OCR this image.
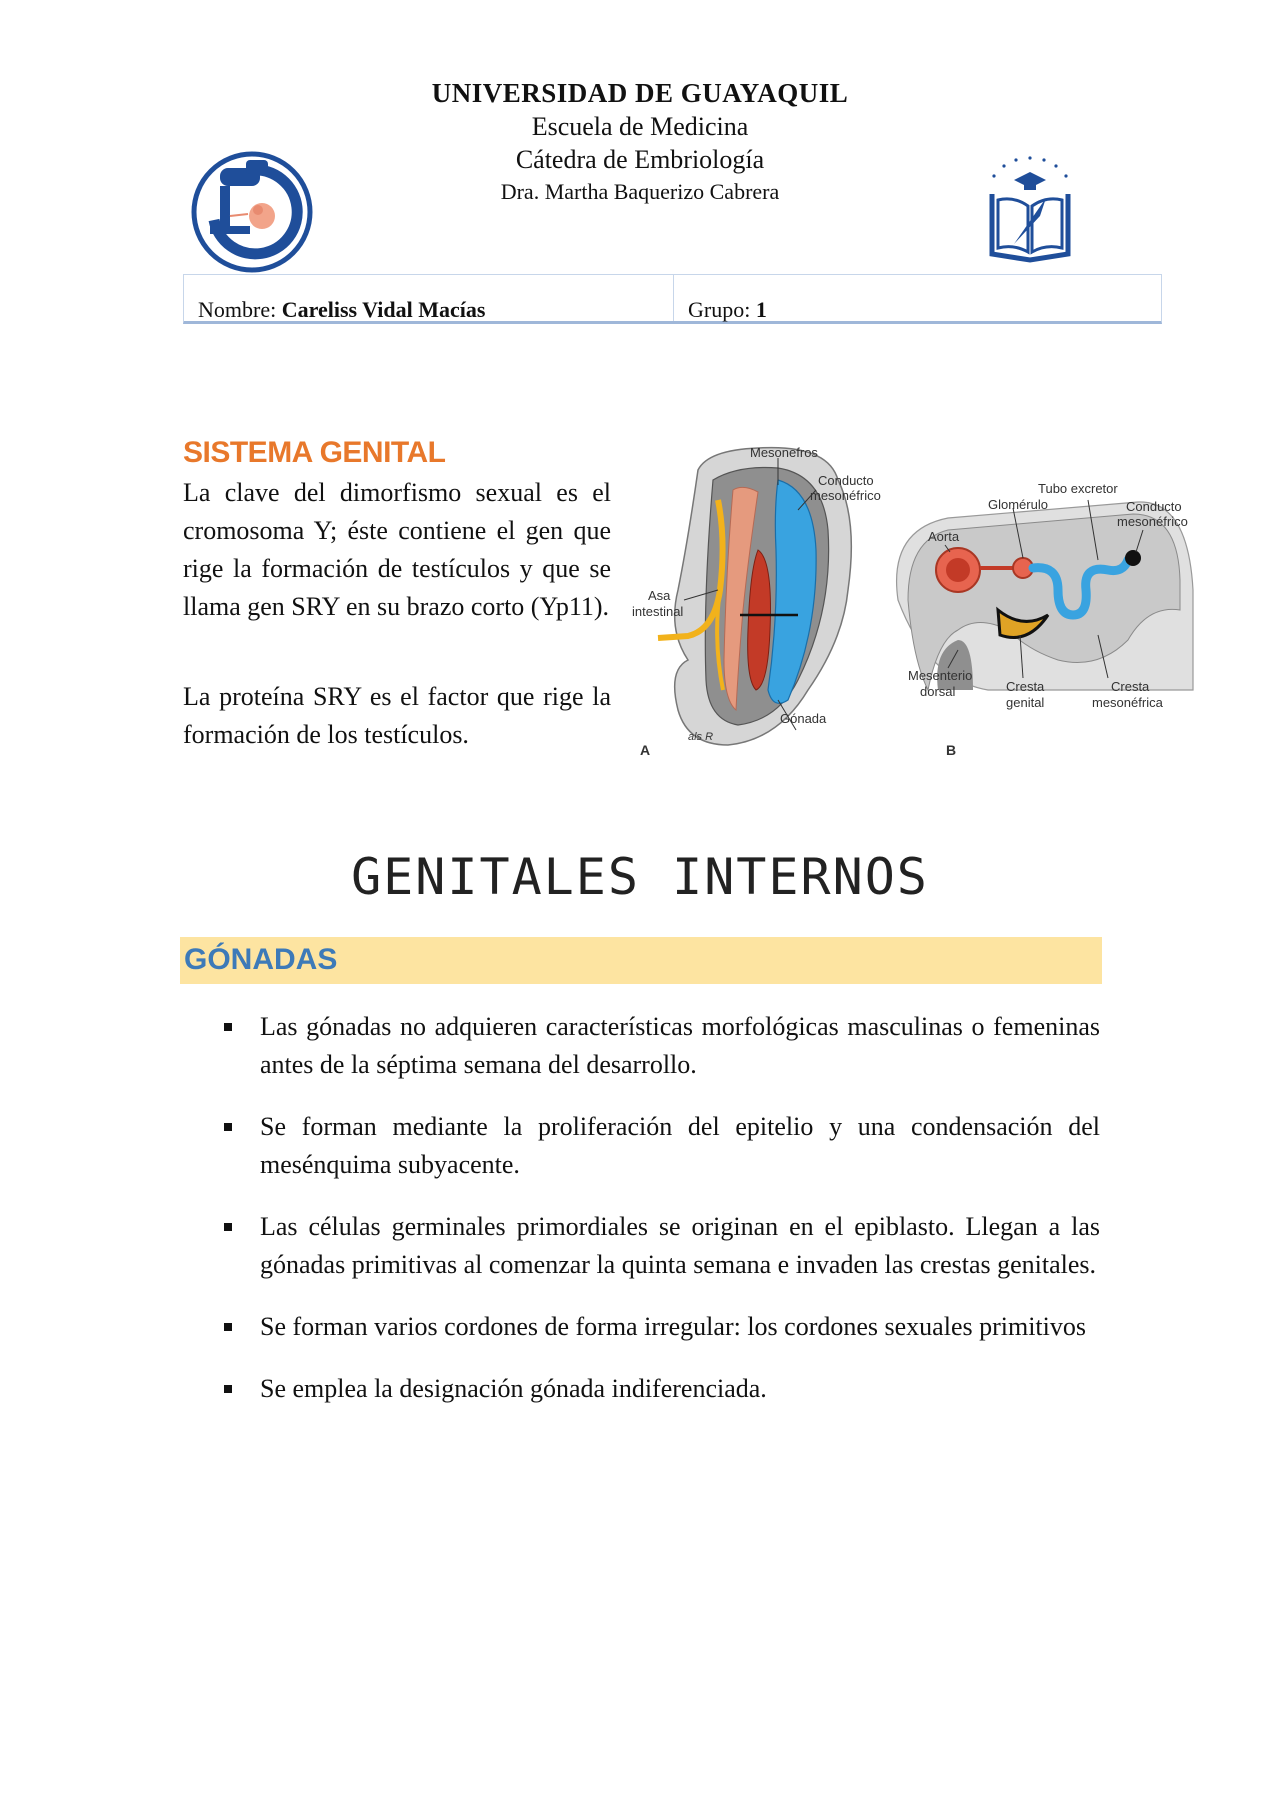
UNIVERSIDAD DE GUAYAQUIL
Escuela de Medicina
Cátedra de Embriología
Dra. Martha Baquerizo Cabrera
Nombre: Careliss Vidal Macías	Grupo: 1
SISTEMA GENITAL
La clave del dimorfismo sexual es el cromosoma Y; éste contiene el gen que rige la formación de testículos y que se llama gen SRY en su brazo corto (Yp11).
La proteína SRY es el factor que rige la formación de los testículos.
Mesonefros
Conducto
mesonéfrico
Asa
intestinal
Gónada
als R
A
Tubo excretor
Glomérulo	Conducto
mesonéfrico
Aorta
Mesenterio
dorsal	Cresta
genital
Cresta
mesonéfrica
B
GENITALES INTERNOS
GÓNADAS
Las gónadas no adquieren características morfológicas masculinas o femeninas antes de la séptima semana del desarrollo.
Se forman mediante la proliferación del epitelio y una condensación del mesénquima subyacente.
Las células germinales primordiales se originan en el epiblasto. Llegan a las gónadas primitivas al comenzar la quinta semana e invaden las crestas genitales.
Se forman varios cordones de forma irregular: los cordones sexuales primitivos
Se emplea la designación gónada indiferenciada.
